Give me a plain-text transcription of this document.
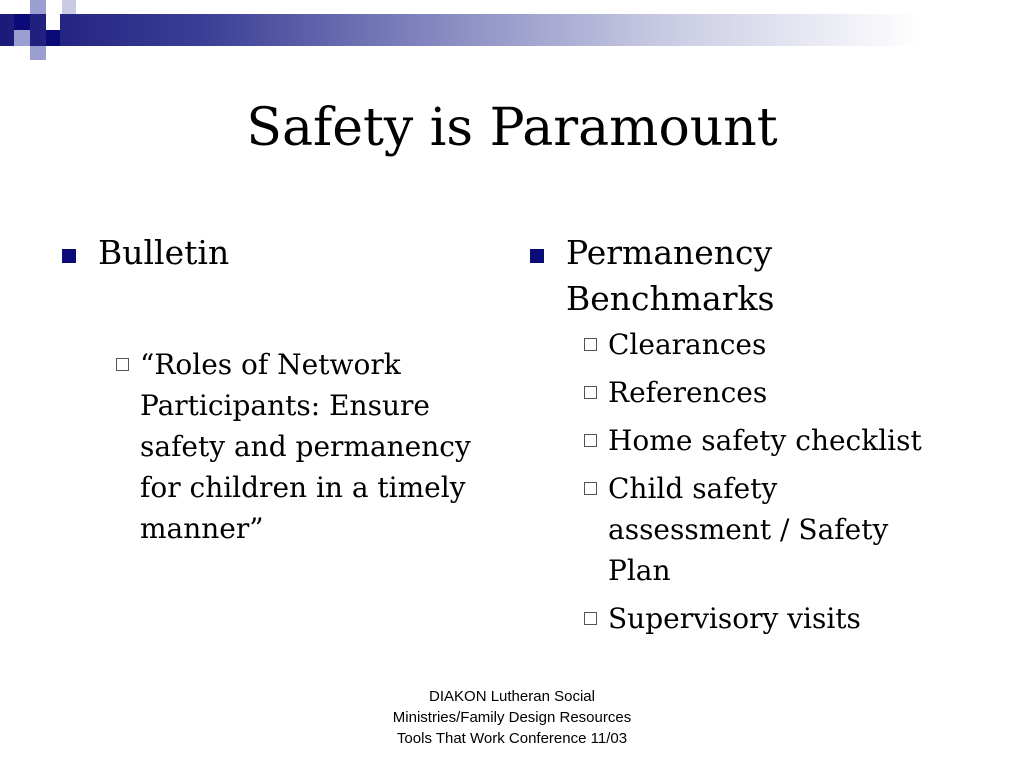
Safety is Paramount
Bulletin
“Roles of Network Participants: Ensure safety and permanency for children in a timely manner”
Permanency Benchmarks
Clearances
References
Home safety checklist
Child safety assessment / Safety Plan
Supervisory visits
DIAKON Lutheran Social
Ministries/Family Design Resources
Tools That Work Conference 11/03
